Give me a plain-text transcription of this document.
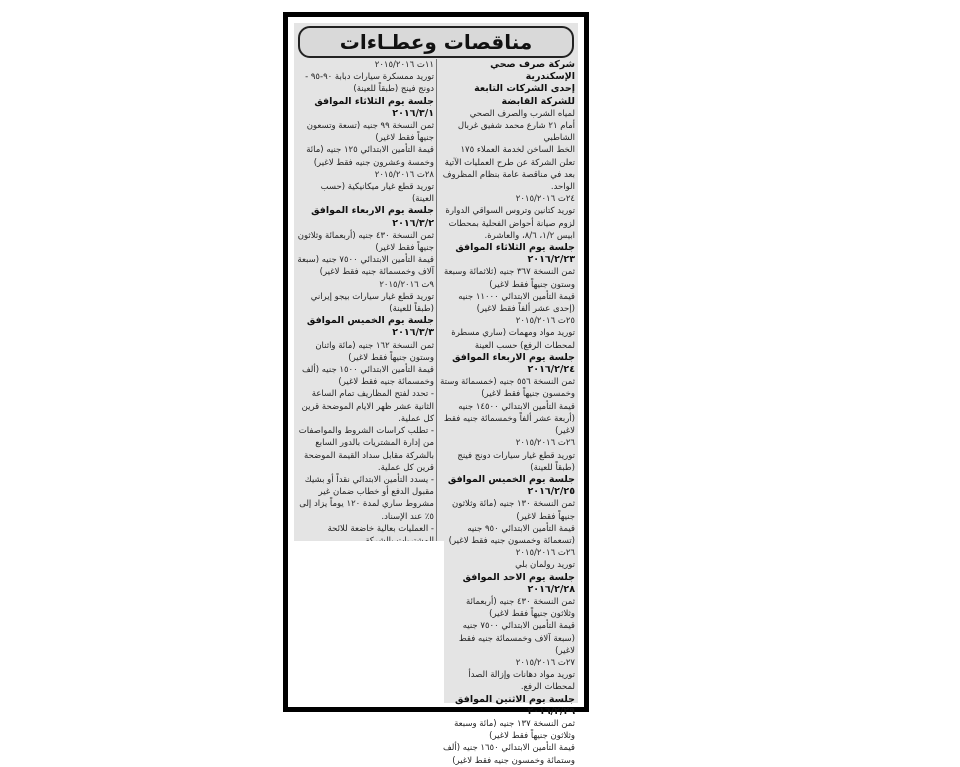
مناقصات وعطـاءات

شركة صرف صحي الإسكندرية

إحدى الشركات التابعة للشركة القابضة

لمياه الشرب والصرف الصحي

أمام ٢١ شارع محمد شفيق غربال الشاطبي

الخط الساخن لخدمة العملاء ١٧٥

تعلن الشركة عن طرح العمليات الآتية بعد في مناقصة عامة بنظام المظروف الواحد.

٢٤ت ٢٠١٥/٢٠١٦

توريد كتانين وتروس السواقي الدوارة لزوم صيانة أحواض الفحلية بمحطات ابيس ١/٢، ٨/٦، والعاشرة.

جلسة يوم الثلاثاء الموافق ٢٠١٦/٢/٢٣

ثمن النسخة ٣٦٧ جنيه (ثلاثمائة وسبعة وستون جنيهاً فقط لاغير)

قيمة التأمين الابتدائي ١١٠٠٠ جنيه (إحدى عشر ألفاً فقط لاغير)

٢٥ت ٢٠١٥/٢٠١٦

توريد مواد ومهمات (ساري مسطرة لمحطات الرفع) حسب العينة

جلسة يوم الاربعاء الموافق ٢٠١٦/٢/٢٤

ثمن النسخة ٥٥٦ جنيه (خمسمائة وستة وخمسون جنيهاً فقط لاغير)

قيمة التأمين الابتدائي ١٤٥٠٠ جنيه (أربعة عشر ألفاً وخمسمائة جنيه فقط لاغير)

٢٦ت ٢٠١٥/٢٠١٦

توريد قطع غيار سيارات دونج فينج (طبقاً للعينة)

جلسة يوم الخميس الموافق ٢٠١٦/٢/٢٥

ثمن النسخة ١٣٠ جنيه (مائة وثلاثون جنيهاً فقط لاغير)

قيمة التأمين الابتدائي ٩٥٠ جنيه (تسعمائة وخمسون جنيه فقط لاغير)

٢٦ت ٢٠١٥/٢٠١٦

توريد رولمان بلي

جلسة يوم الاحد الموافق ٢٠١٦/٢/٢٨

ثمن النسخة ٤٣٠ جنيه (أربعمائة وثلاثون جنيهاً فقط لاغير)

قيمة التأمين الابتدائي ٧٥٠٠ جنيه (سبعة آلاف وخمسمائة جنيه فقط لاغير)

٢٧ت ٢٠١٥/٢٠١٦

توريد مواد دهانات وإزالة الصدأ لمحطات الرفع.

جلسة يوم الاثنين الموافق ٢٠١٦/٢/٢٩

ثمن النسخة ١٣٧ جنيه (مائة وسبعة وثلاثون جنيهاً فقط لاغير)

قيمة التأمين الابتدائي ١٦٥٠ جنيه (ألف وستمائة وخمسون جنيه فقط لاغير)

١١ت ٢٠١٥/٢٠١٦

توريد ممسكرة سيارات دبابة ٩٠-٩٥ - دونج فينج (طبقاً للعينة)

جلسة يوم الثلاثاء الموافق ٢٠١٦/٣/١

ثمن النسخة ٩٩ جنيه (تسعة وتسعون جنيهاً فقط لاغير)

قيمة التأمين الابتدائي ١٢٥ جنيه (مائة وخمسة وعشرون جنيه فقط لاغير)

٢٨ت ٢٠١٥/٢٠١٦

توريد قطع غيار ميكانيكية (حسب العينة)

جلسة يوم الاربعاء الموافق ٢٠١٦/٣/٢

ثمن النسخة ٤٣٠ جنيه (أربعمائة وثلاثون جنيهاً فقط لاغير)

قيمة التأمين الابتدائي ٧٥٠٠ جنيه (سبعة آلاف وخمسمائة جنيه فقط لاغير)

٩ت ٢٠١٥/٢٠١٦

توريد قطع غيار سيارات بيجو إيراني (طبقاً للعينة)

جلسة يوم الخميس الموافق ٢٠١٦/٣/٣

ثمن النسخة ١٦٢ جنيه (مائة واثنان وستون جنيهاً فقط لاغير)

قيمة التأمين الابتدائي ١٥٠٠ جنيه (ألف وخمسمائة جنيه فقط لاغير)

- تحدد لفتح المظاريف تمام الساعة الثانية عشر ظهر الايام الموضحة قرين كل عملية.

- تطلب كراسات الشروط والمواصفات من إدارة المشتريات بالدور السابع بالشركة مقابل سداد القيمة الموضحة قرين كل عملية.

- يسدد التأمين الابتدائي نقداً أو بشيك مقبول الدفع أو خطاب ضمان غير مشروط ساري لمدة ١٢٠ يوماً يزاد إلى ٥٪ عند الإسناد.

- العمليات بعالية خاضعة للائحة
